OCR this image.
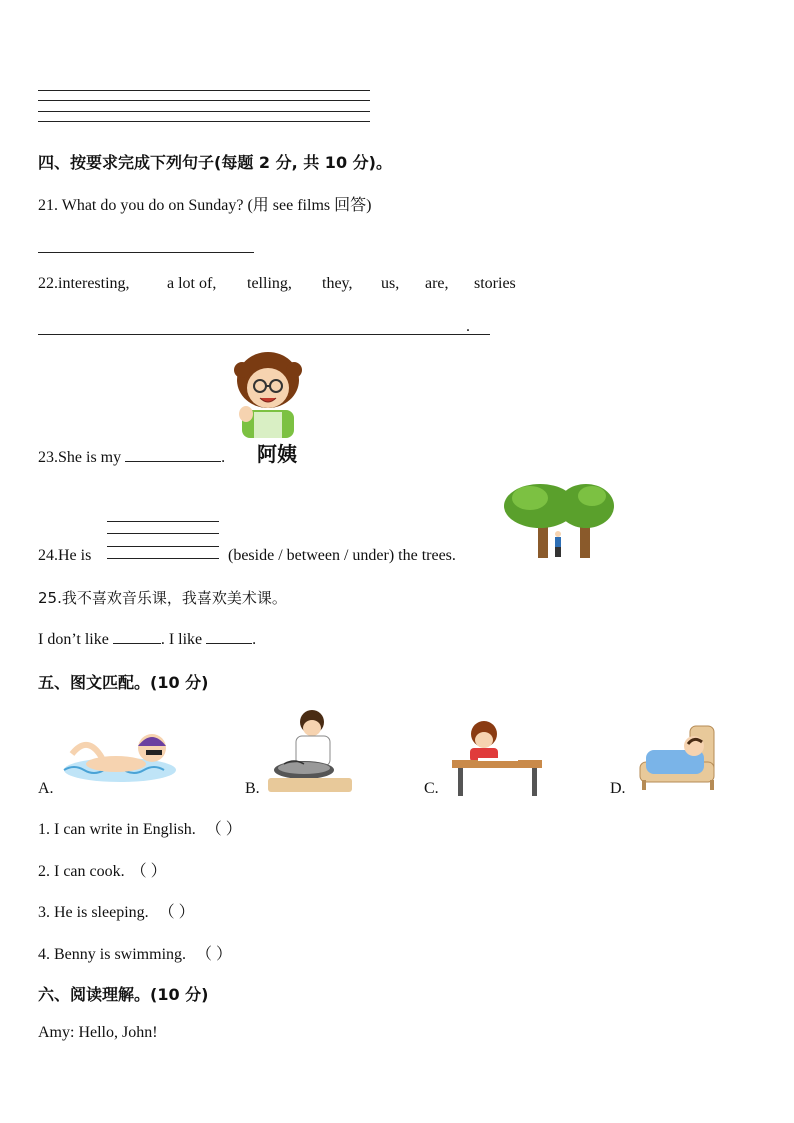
四、按要求完成下列句子(每题 2 分, 共 10 分)。
21. What do you do on Sunday? (用 see films 回答)
22.interesting,	a lot of, telling, they, us, are, stories
.
23.She is my	. 阿姨
24.He is	(beside / between / under) the trees.
25.我不喜欢音乐课，我喜欢美术课。
I don’t like	. I like	.
五、图文匹配。(10 分)
A.	B.	C.	D.
1. I can write in English. （ ）
2. I can cook. （ ）
3. He is sleeping. （ ）
4. Benny is swimming. （ ）
六、阅读理解。(10 分)
Amy: Hello, John!
